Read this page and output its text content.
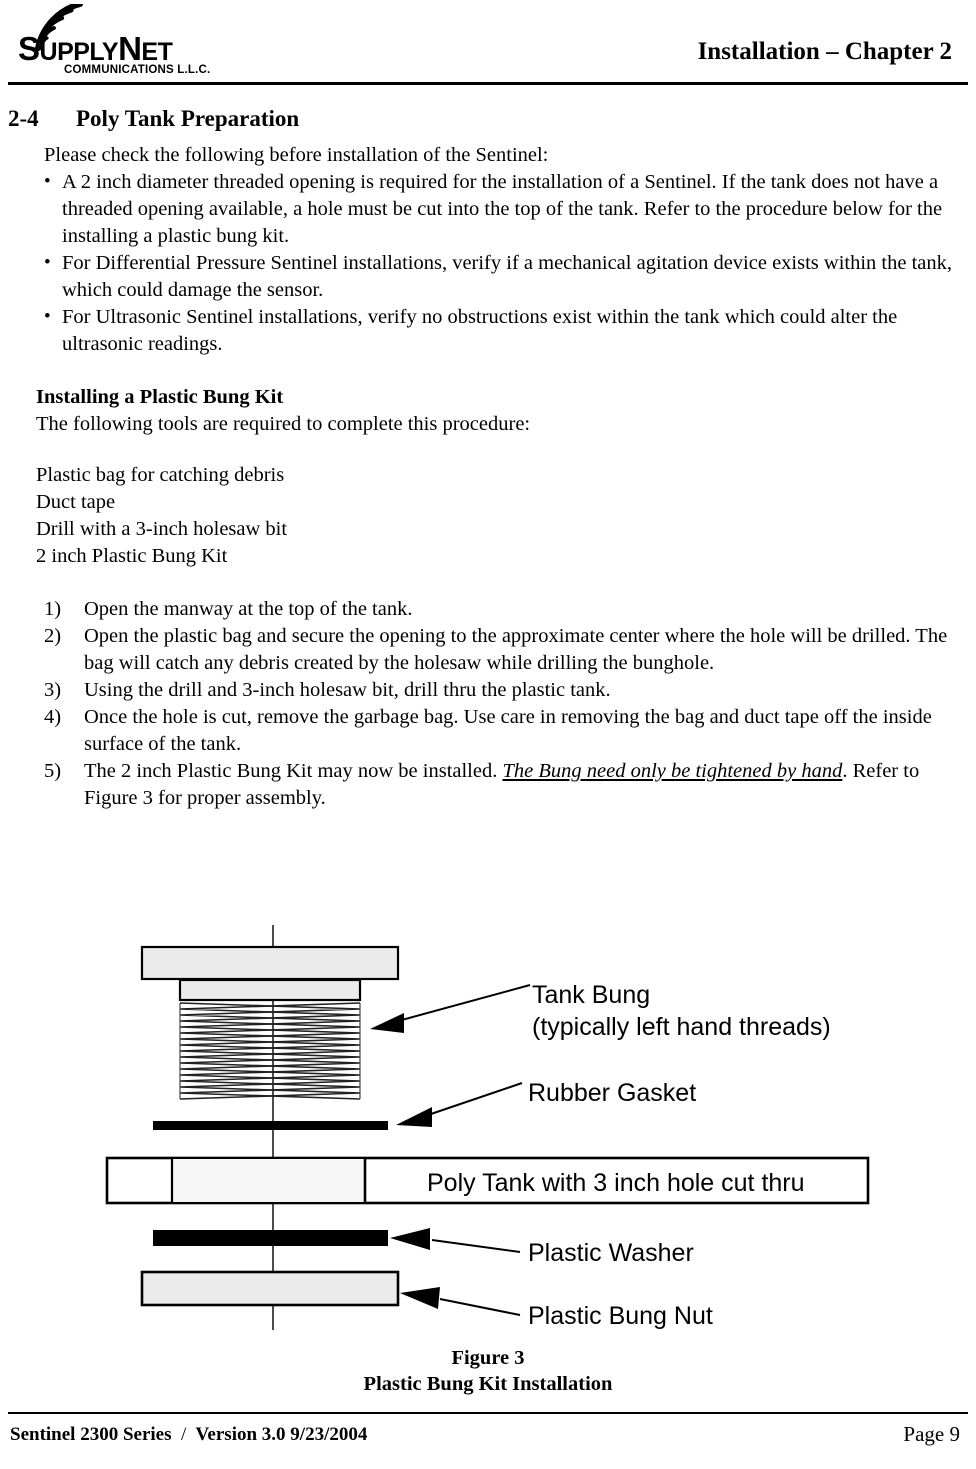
SUPPLYNET
COMMUNICATIONS L.L.C.
Installation – Chapter 2
2-4 Poly Tank Preparation
Please check the following before installation of the Sentinel:
• A 2 inch diameter threaded opening is required for the installation of a Sentinel. If the tank does not have a threaded opening available, a hole must be cut into the top of the tank. Refer to the procedure below for the installing a plastic bung kit.
• For Differential Pressure Sentinel installations, verify if a mechanical agitation device exists within the tank, which could damage the sensor.
• For Ultrasonic Sentinel installations, verify no obstructions exist within the tank which could alter the ultrasonic readings.
Installing a Plastic Bung Kit
The following tools are required to complete this procedure:
Plastic bag for catching debris
Duct tape
Drill with a 3-inch holesaw bit
2 inch Plastic Bung Kit
1)	Open the manway at the top of the tank.
2)	Open the plastic bag and secure the opening to the approximate center where the hole will be drilled. The bag will catch any debris created by the holesaw while drilling the bunghole.
3)	Using the drill and 3-inch holesaw bit, drill thru the plastic tank.
4)	Once the hole is cut, remove the garbage bag. Use care in removing the bag and duct tape off the inside surface of the tank.
5)	The 2 inch Plastic Bung Kit may now be installed. The Bung need only be tightened by hand. Refer to Figure 3 for proper assembly.
Poly Tank with 3 inch hole cut thru
Tank Bung
(typically left hand threads)
Rubber Gasket
Plastic Washer
Plastic Bung Nut
Figure 3
Plastic Bung Kit Installation
Sentinel 2300 Series / Version 3.0 9/23/2004	Page 9
